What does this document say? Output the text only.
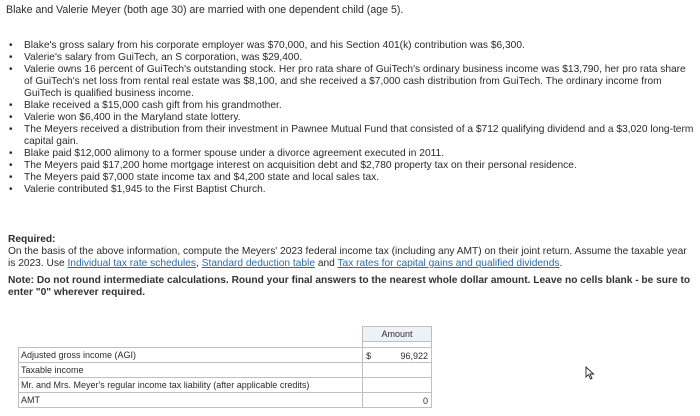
Blake and Valerie Meyer (both age 30) are married with one dependent child (age 5).
• Blake's gross salary from his corporate employer was $70,000, and his Section 401(k) contribution was $6,300.
• Valerie's salary from GuiTech, an S corporation, was $29,400.
• Valerie owns 16 percent of GuiTech's outstanding stock. Her pro rata share of GuiTech's ordinary business income was $13,790, her pro rata share of GuiTech's net loss from rental real estate was $8,100, and she received a $7,000 cash distribution from GuiTech. The ordinary income from GuiTech is qualified business income.
• Blake received a $15,000 cash gift from his grandmother.
• Valerie won $6,400 in the Maryland state lottery.
• The Meyers received a distribution from their investment in Pawnee Mutual Fund that consisted of a $712 qualifying dividend and a $3,020 long-term capital gain.
• Blake paid $12,000 alimony to a former spouse under a divorce agreement executed in 2011.
• The Meyers paid $17,200 home mortgage interest on acquisition debt and $2,780 property tax on their personal residence.
• The Meyers paid $7,000 state income tax and $4,200 state and local sales tax.
• Valerie contributed $1,945 to the First Baptist Church.
Required:
On the basis of the above information, compute the Meyers' 2023 federal income tax (including any AMT) on their joint return. Assume the taxable year is 2023. Use Individual tax rate schedules, Standard deduction table and Tax rates for capital gains and qualified dividends.
Note: Do not round intermediate calculations. Round your final answers to the nearest whole dollar amount. Leave no cells blank - be sure to enter "0" wherever required.
	Amount

Adjusted gross income (AGI)	$ 96,922

Taxable income	

Mr. and Mrs. Meyer's regular income tax liability (after applicable credits)	

AMT	0
